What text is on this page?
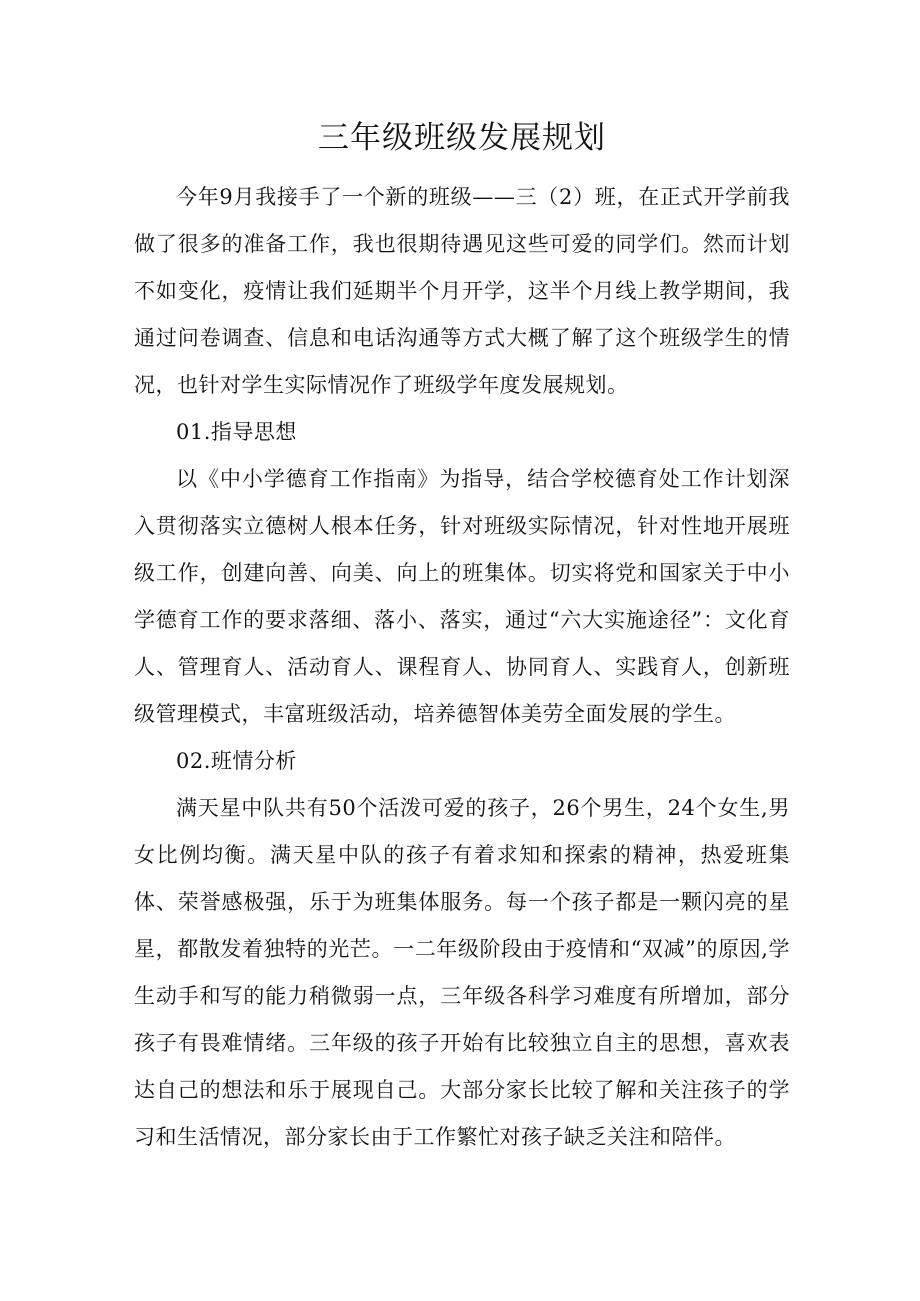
三年级班级发展规划

今年9月我接手了一个新的班级——三（2）班，在正式开学前我做了很多的准备工作，我也很期待遇见这些可爱的同学们。然而计划不如变化，疫情让我们延期半个月开学，这半个月线上教学期间，我通过问卷调查、信息和电话沟通等方式大概了解了这个班级学生的情况，也针对学生实际情况作了班级学年度发展规划。

01.指导思想

以《中小学德育工作指南》为指导，结合学校德育处工作计划深入贯彻落实立德树人根本任务，针对班级实际情况，针对性地开展班级工作，创建向善、向美、向上的班集体。切实将党和国家关于中小学德育工作的要求落细、落小、落实，通过“六大实施途径”：文化育人、管理育人、活动育人、课程育人、协同育人、实践育人，创新班级管理模式，丰富班级活动，培养德智体美劳全面发展的学生。

02.班情分析

满天星中队共有50个活泼可爱的孩子，26个男生，24个女生,男女比例均衡。满天星中队的孩子有着求知和探索的精神，热爱班集体、荣誉感极强，乐于为班集体服务。每一个孩子都是一颗闪亮的星星，都散发着独特的光芒。一二年级阶段由于疫情和“双减”的原因,学生动手和写的能力稍微弱一点，三年级各科学习难度有所增加，部分孩子有畏难情绪。三年级的孩子开始有比较独立自主的思想，喜欢表达自己的想法和乐于展现自己。大部分家长比较了解和关注孩子的学习和生活情况，部分家长由于工作繁忙对孩子缺乏关注和陪伴。
